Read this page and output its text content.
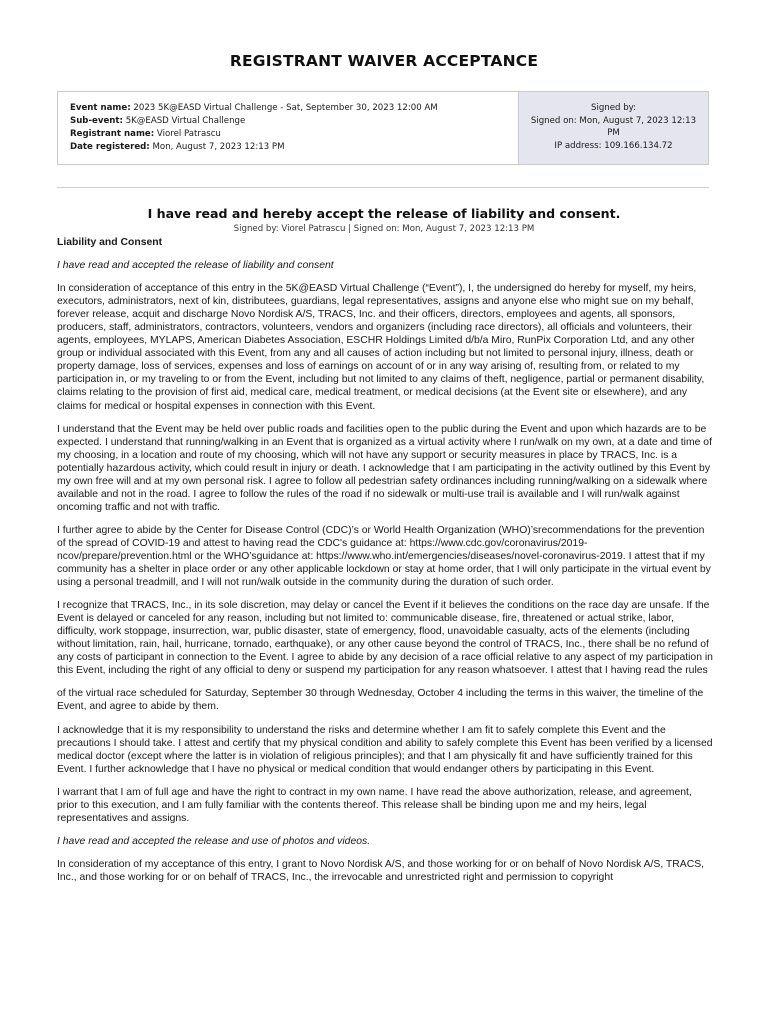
REGISTRANT WAIVER ACCEPTANCE
Event name: 2023 5K@EASD Virtual Challenge - Sat, September 30, 2023 12:00 AM
Sub-event: 5K@EASD Virtual Challenge
Registrant name: Viorel Patrascu
Date registered: Mon, August 7, 2023 12:13 PM
Signed by:
Signed on: Mon, August 7, 2023 12:13 PM
IP address: 109.166.134.72
I have read and hereby accept the release of liability and consent.
Signed by: Viorel Patrascu | Signed on: Mon, August 7, 2023 12:13 PM
Liability and Consent

I have read and accepted the release of liability and consent

In consideration of acceptance of this entry in the 5K@EASD Virtual Challenge (“Event”), I, the undersigned do hereby for myself, my heirs, executors, administrators, next of kin, distributees, guardians, legal representatives, assigns and anyone else who might sue on my behalf, forever release, acquit and discharge Novo Nordisk A/S, TRACS, Inc. and their officers, directors, employees and agents, all sponsors, producers, staff, administrators, contractors, volunteers, vendors and organizers (including race directors), all officials and volunteers, their agents, employees, MYLAPS, American Diabetes Association, ESCHR Holdings Limited d/b/a Miro, RunPix Corporation Ltd, and any other group or individual associated with this Event, from any and all causes of action including but not limited to personal injury, illness, death or property damage, loss of services, expenses and loss of earnings on account of or in any way arising of, resulting from, or related to my participation in, or my traveling to or from the Event, including but not limited to any claims of theft, negligence, partial or permanent disability, claims relating to the provision of first aid, medical care, medical treatment, or medical decisions (at the Event site or elsewhere), and any claims for medical or hospital expenses in connection with this Event.

I understand that the Event may be held over public roads and facilities open to the public during the Event and upon which hazards are to be expected. I understand that running/walking in an Event that is organized as a virtual activity where I run/walk on my own, at a date and time of my choosing, in a location and route of my choosing, which will not have any support or security measures in place by TRACS, Inc. is a potentially hazardous activity, which could result in injury or death. I acknowledge that I am participating in the activity outlined by this Event by my own free will and at my own personal risk. I agree to follow all pedestrian safety ordinances including running/walking on a sidewalk where available and not in the road. I agree to follow the rules of the road if no sidewalk or multi-use trail is available and I will run/walk against oncoming traffic and not with traffic.

I further agree to abide by the Center for Disease Control (CDC)’s or World Health Organization (WHO)’srecommendations for the prevention of the spread of COVID-19 and attest to having read the CDC's guidance at: https://www.cdc.gov/coronavirus/2019-ncov/prepare/prevention.html or the WHO’sguidance at: https://www.who.int/emergencies/diseases/novel-coronavirus-2019. I attest that if my community has a shelter in place order or any other applicable lockdown or stay at home order, that I will only participate in the virtual event by using a personal treadmill, and I will not run/walk outside in the community during the duration of such order.

I recognize that TRACS, Inc., in its sole discretion, may delay or cancel the Event if it believes the conditions on the race day are unsafe. If the Event is delayed or canceled for any reason, including but not limited to: communicable disease, fire, threatened or actual strike, labor, difficulty, work stoppage, insurrection, war, public disaster, state of emergency, flood, unavoidable casualty, acts of the elements (including without limitation, rain, hail, hurricane, tornado, earthquake), or any other cause beyond the control of TRACS, Inc., there shall be no refund of any costs of participant in connection to the Event. I agree to abide by any decision of a race official relative to any aspect of my participation in this Event, including the right of any official to deny or suspend my participation for any reason whatsoever. I attest that I having read the rules

of the virtual race scheduled for Saturday, September 30 through Wednesday, October 4 including the terms in this waiver, the timeline of the Event, and agree to abide by them.

I acknowledge that it is my responsibility to understand the risks and determine whether I am fit to safely complete this Event and the precautions I should take. I attest and certify that my physical condition and ability to safely complete this Event has been verified by a licensed medical doctor (except where the latter is in violation of religious principles); and that I am physically fit and have sufficiently trained for this Event. I further acknowledge that I have no physical or medical condition that would endanger others by participating in this Event.

I warrant that I am of full age and have the right to contract in my own name. I have read the above authorization, release, and agreement, prior to this execution, and I am fully familiar with the contents thereof. This release shall be binding upon me and my heirs, legal representatives and assigns.

I have read and accepted the release and use of photos and videos.

In consideration of my acceptance of this entry, I grant to Novo Nordisk A/S, and those working for or on behalf of Novo Nordisk A/S, TRACS, Inc., and those working for or on behalf of TRACS, Inc., the irrevocable and unrestricted right and permission to copyright
